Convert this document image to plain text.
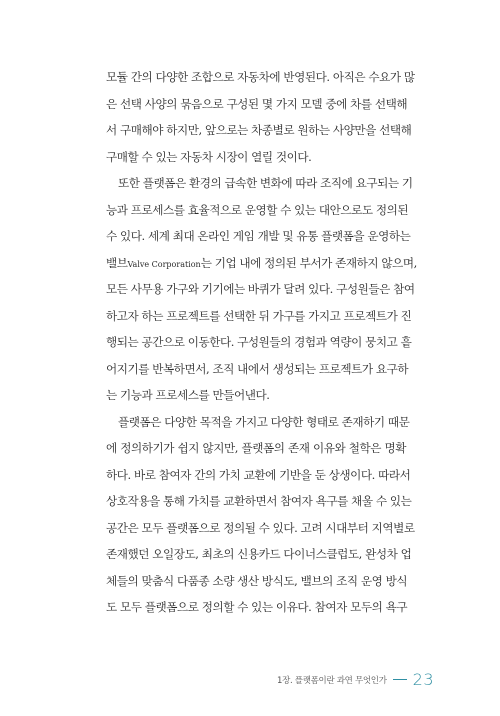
모듈 간의 다양한 조합으로 자동차에 반영된다. 아직은 수요가 많
은 선택 사양의 묶음으로 구성된 몇 가지 모델 중에 차를 선택해
서 구매해야 하지만, 앞으로는 차종별로 원하는 사양만을 선택해
구매할 수 있는 자동차 시장이 열릴 것이다.
또한 플랫폼은 환경의 급속한 변화에 따라 조직에 요구되는 기
능과 프로세스를 효율적으로 운영할 수 있는 대안으로도 정의된
수 있다. 세계 최대 온라인 게임 개발 및 유통 플랫폼을 운영하는
밸브Valve Corporation는 기업 내에 정의된 부서가 존재하지 않으며,
모든 사무용 가구와 기기에는 바퀴가 달려 있다. 구성원들은 참여
하고자 하는 프로젝트를 선택한 뒤 가구를 가지고 프로젝트가 진
행되는 공간으로 이동한다. 구성원들의 경험과 역량이 뭉치고 흩
어지기를 반복하면서, 조직 내에서 생성되는 프로젝트가 요구하
는 기능과 프로세스를 만들어낸다.
플랫폼은 다양한 목적을 가지고 다양한 형태로 존재하기 때문
에 정의하기가 쉽지 않지만, 플랫폼의 존재 이유와 철학은 명확
하다. 바로 참여자 간의 가치 교환에 기반을 둔 상생이다. 따라서
상호작용을 통해 가치를 교환하면서 참여자 욕구를 채울 수 있는
공간은 모두 플랫폼으로 정의될 수 있다. 고려 시대부터 지역별로
존재했던 오일장도, 최초의 신용카드 다이너스클럽도, 완성차 업
체들의 맞춤식 다품종 소량 생산 방식도, 밸브의 조직 운영 방식
도 모두 플랫폼으로 정의할 수 있는 이유다. 참여자 모두의 욕구
1장. 플랫폼이란 과연 무엇인가 23
